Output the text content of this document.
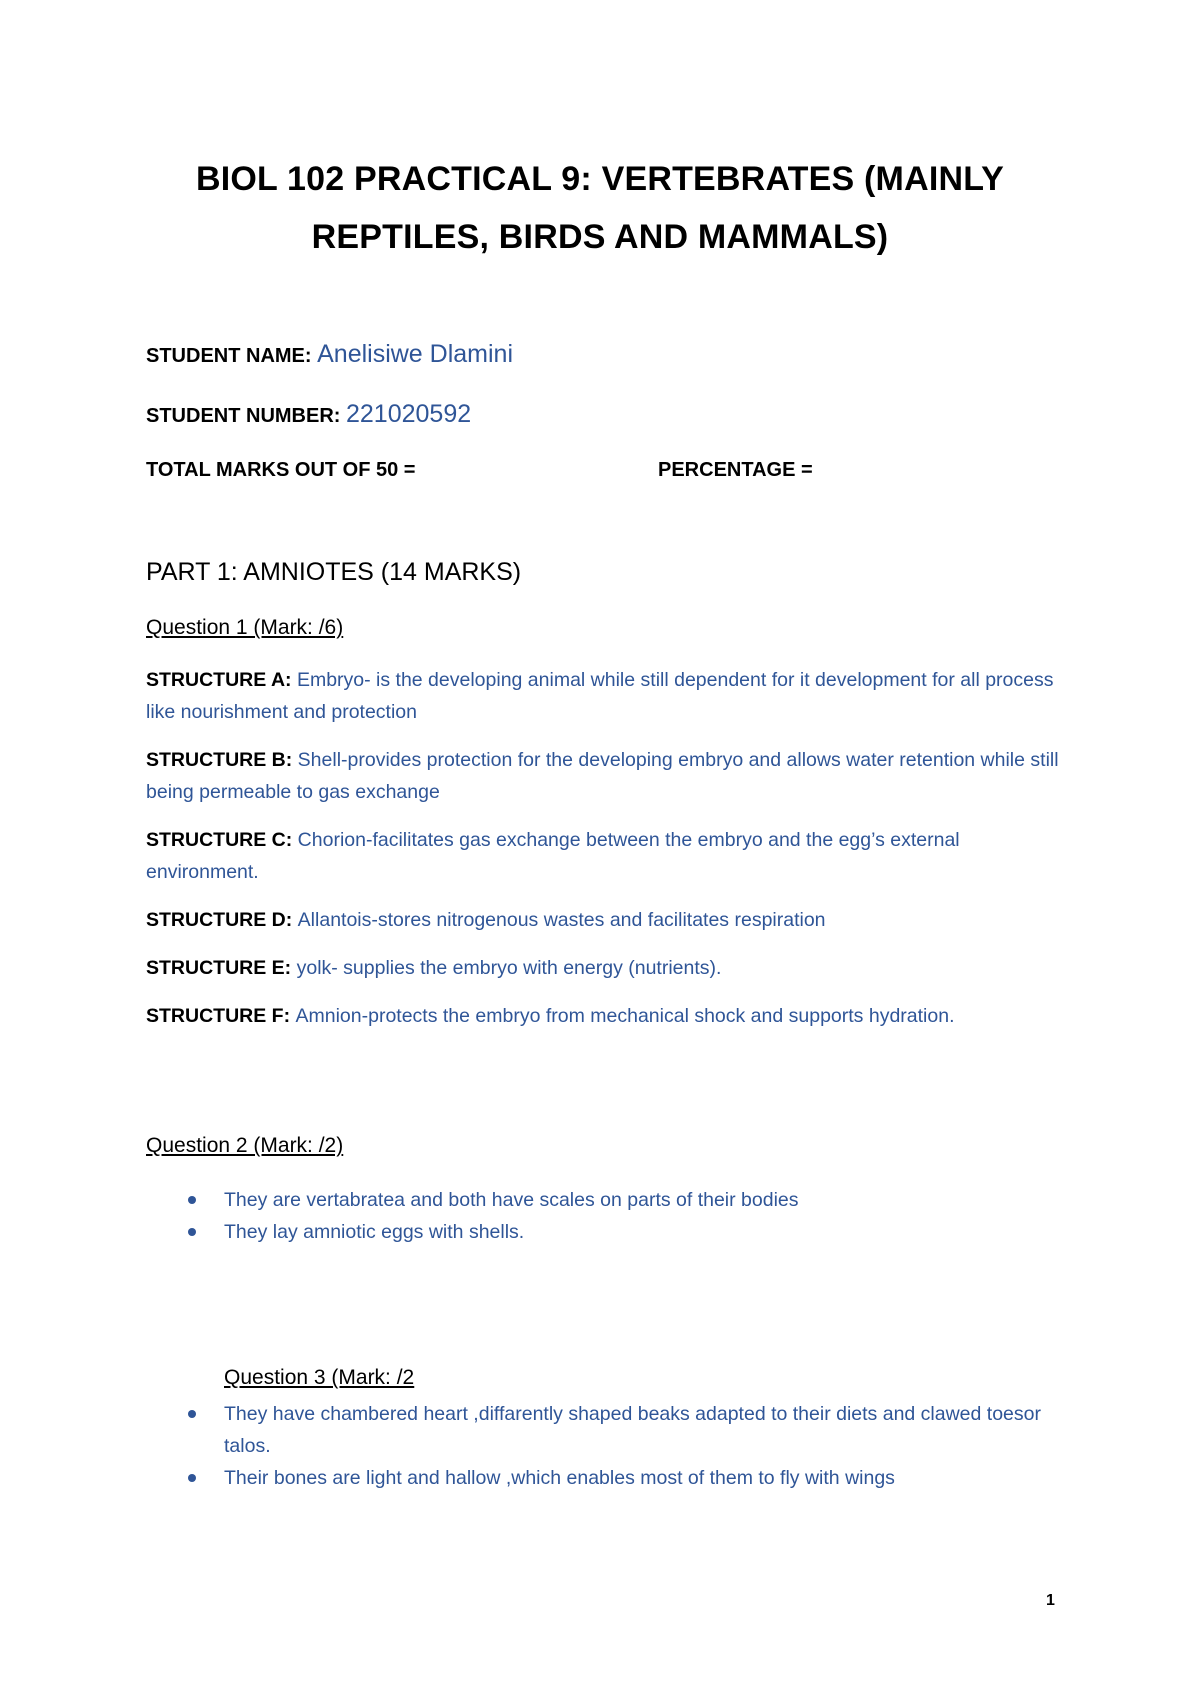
BIOL 102 PRACTICAL 9: VERTEBRATES (MAINLY
REPTILES, BIRDS AND MAMMALS)
STUDENT NAME: Anelisiwe Dlamini
STUDENT NUMBER: 221020592
TOTAL MARKS OUT OF 50 =	PERCENTAGE =
PART 1: AMNIOTES (14 MARKS)
Question 1 (Mark: /6)
STRUCTURE A: Embryo- is the developing animal while still dependent for it development for all process like nourishment and protection
STRUCTURE B: Shell-provides protection for the developing embryo and allows water retention while still being permeable to gas exchange
STRUCTURE C: Chorion-facilitates gas exchange between the embryo and the egg’s external environment.
STRUCTURE D: Allantois-stores nitrogenous wastes and facilitates respiration
STRUCTURE E: yolk- supplies the embryo with energy (nutrients).
STRUCTURE F: Amnion-protects the embryo from mechanical shock and supports hydration.
Question 2 (Mark: /2)
They are vertabratea and both have scales on parts of their bodies
They lay amniotic eggs with shells.
Question 3 (Mark: /2
They have chambered heart ,diffarently shaped beaks adapted to their diets and clawed toesor talos.
Their bones are light and hallow ,which enables most of them to fly with wings
1
